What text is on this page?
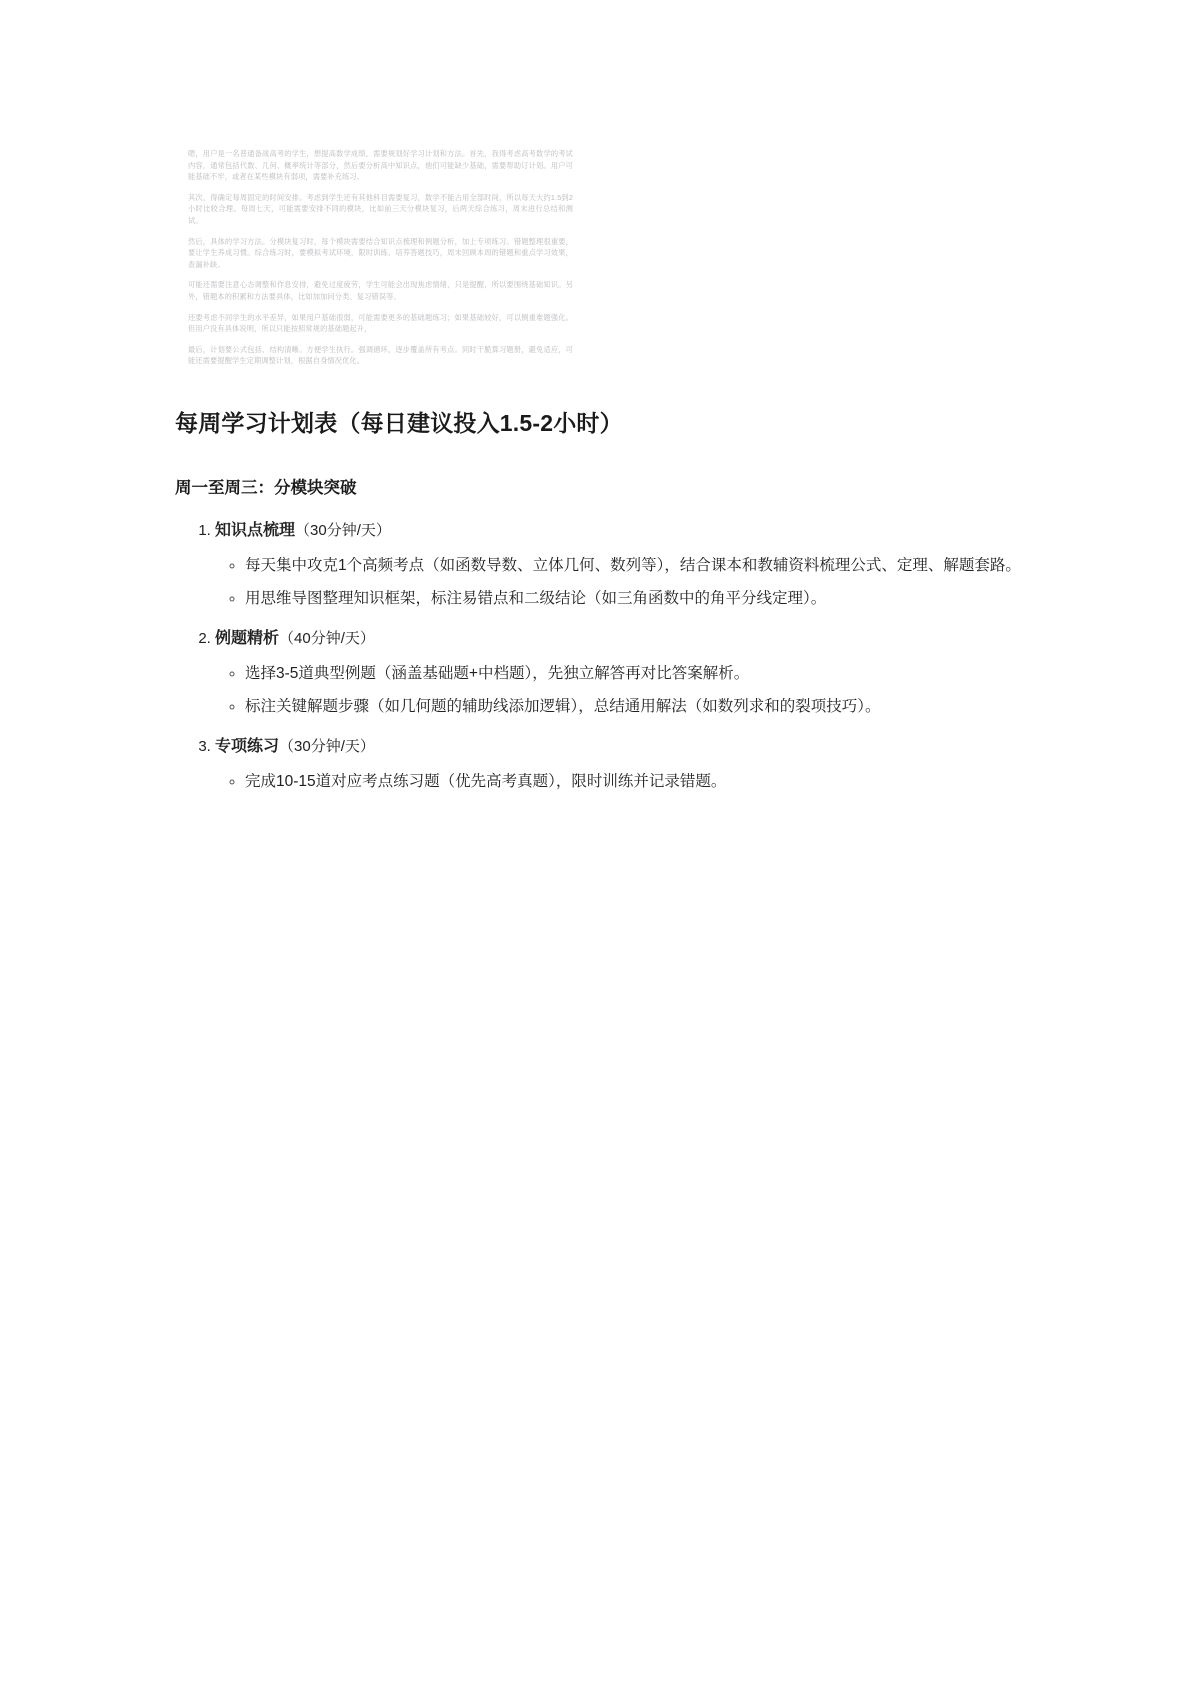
嗯，用户是一名普通备战高考的学生，想提高数学成绩，需要规划好学习计划和方法。首先，我得考虑高考数学的考试内容，通常包括代数、几何、概率统计等部分，然后要分析高中知识点，他们可能缺少基础，需要帮助订计划。用户可能基础不牢，或者在某些模块有弱项，需要补充练习。

其次，得确定每周固定的时间安排。考虑到学生还有其他科目需要复习，数学不能占用全部时间，所以每天大约1.5到2小时比较合理。每周七天，可能需要安排不同的模块，比如前三天分模块复习，后两天综合练习，周末进行总结和测试。

然后，具体的学习方法。分模块复习时，每个模块需要结合知识点梳理和例题分析，加上专项练习。错题整理很重要，要让学生养成习惯。综合练习时，要模拟考试环境，限时训练、培养答题技巧，周末回顾本周的错题和重点学习效果，查漏补缺。

可能还需要注意心态调整和作息安排，避免过度疲劳，学生可能会出现焦虑情绪，只是提醒，所以要围绕基础知识。另外，错题本的积累和方法要具体，比如加加问分类、复习错误等。

还要考虑不同学生的水平差异，如果用户基础很弱，可能需要更多的基础题练习；如果基础较好，可以侧重难题强化。但用户没有具体说明，所以只能按照常规的基础题起升，

最后，计划要公式包括、结构清晰。方便学生执行。强调循环，逐步覆盖所有考点。同时干脆算习题册，避免适应，可能还需要提醒学生定期调整计划，根据自身情况优化。

每周学习计划表（每日建议投入1.5-2小时）
周一至周三：分模块突破
1. 知识点梳理（30分钟/天）
◦ 每天集中攻克1个高频考点（如函数导数、立体几何、数列等），结合课本和教辅资料梳理公式、定理、解题套路。
◦ 用思维导图整理知识框架，标注易错点和二级结论（如三角函数中的角平分线定理）。
2. 例题精析（40分钟/天）
◦ 选择3-5道典型例题（涵盖基础题+中档题），先独立解答再对比答案解析。
◦ 标注关键解题步骤（如几何题的辅助线添加逻辑），总结通用解法（如数列求和的裂项技巧）。
3. 专项练习（30分钟/天）
◦ 完成10-15道对应考点练习题（优先高考真题），限时训练并记录错题。
